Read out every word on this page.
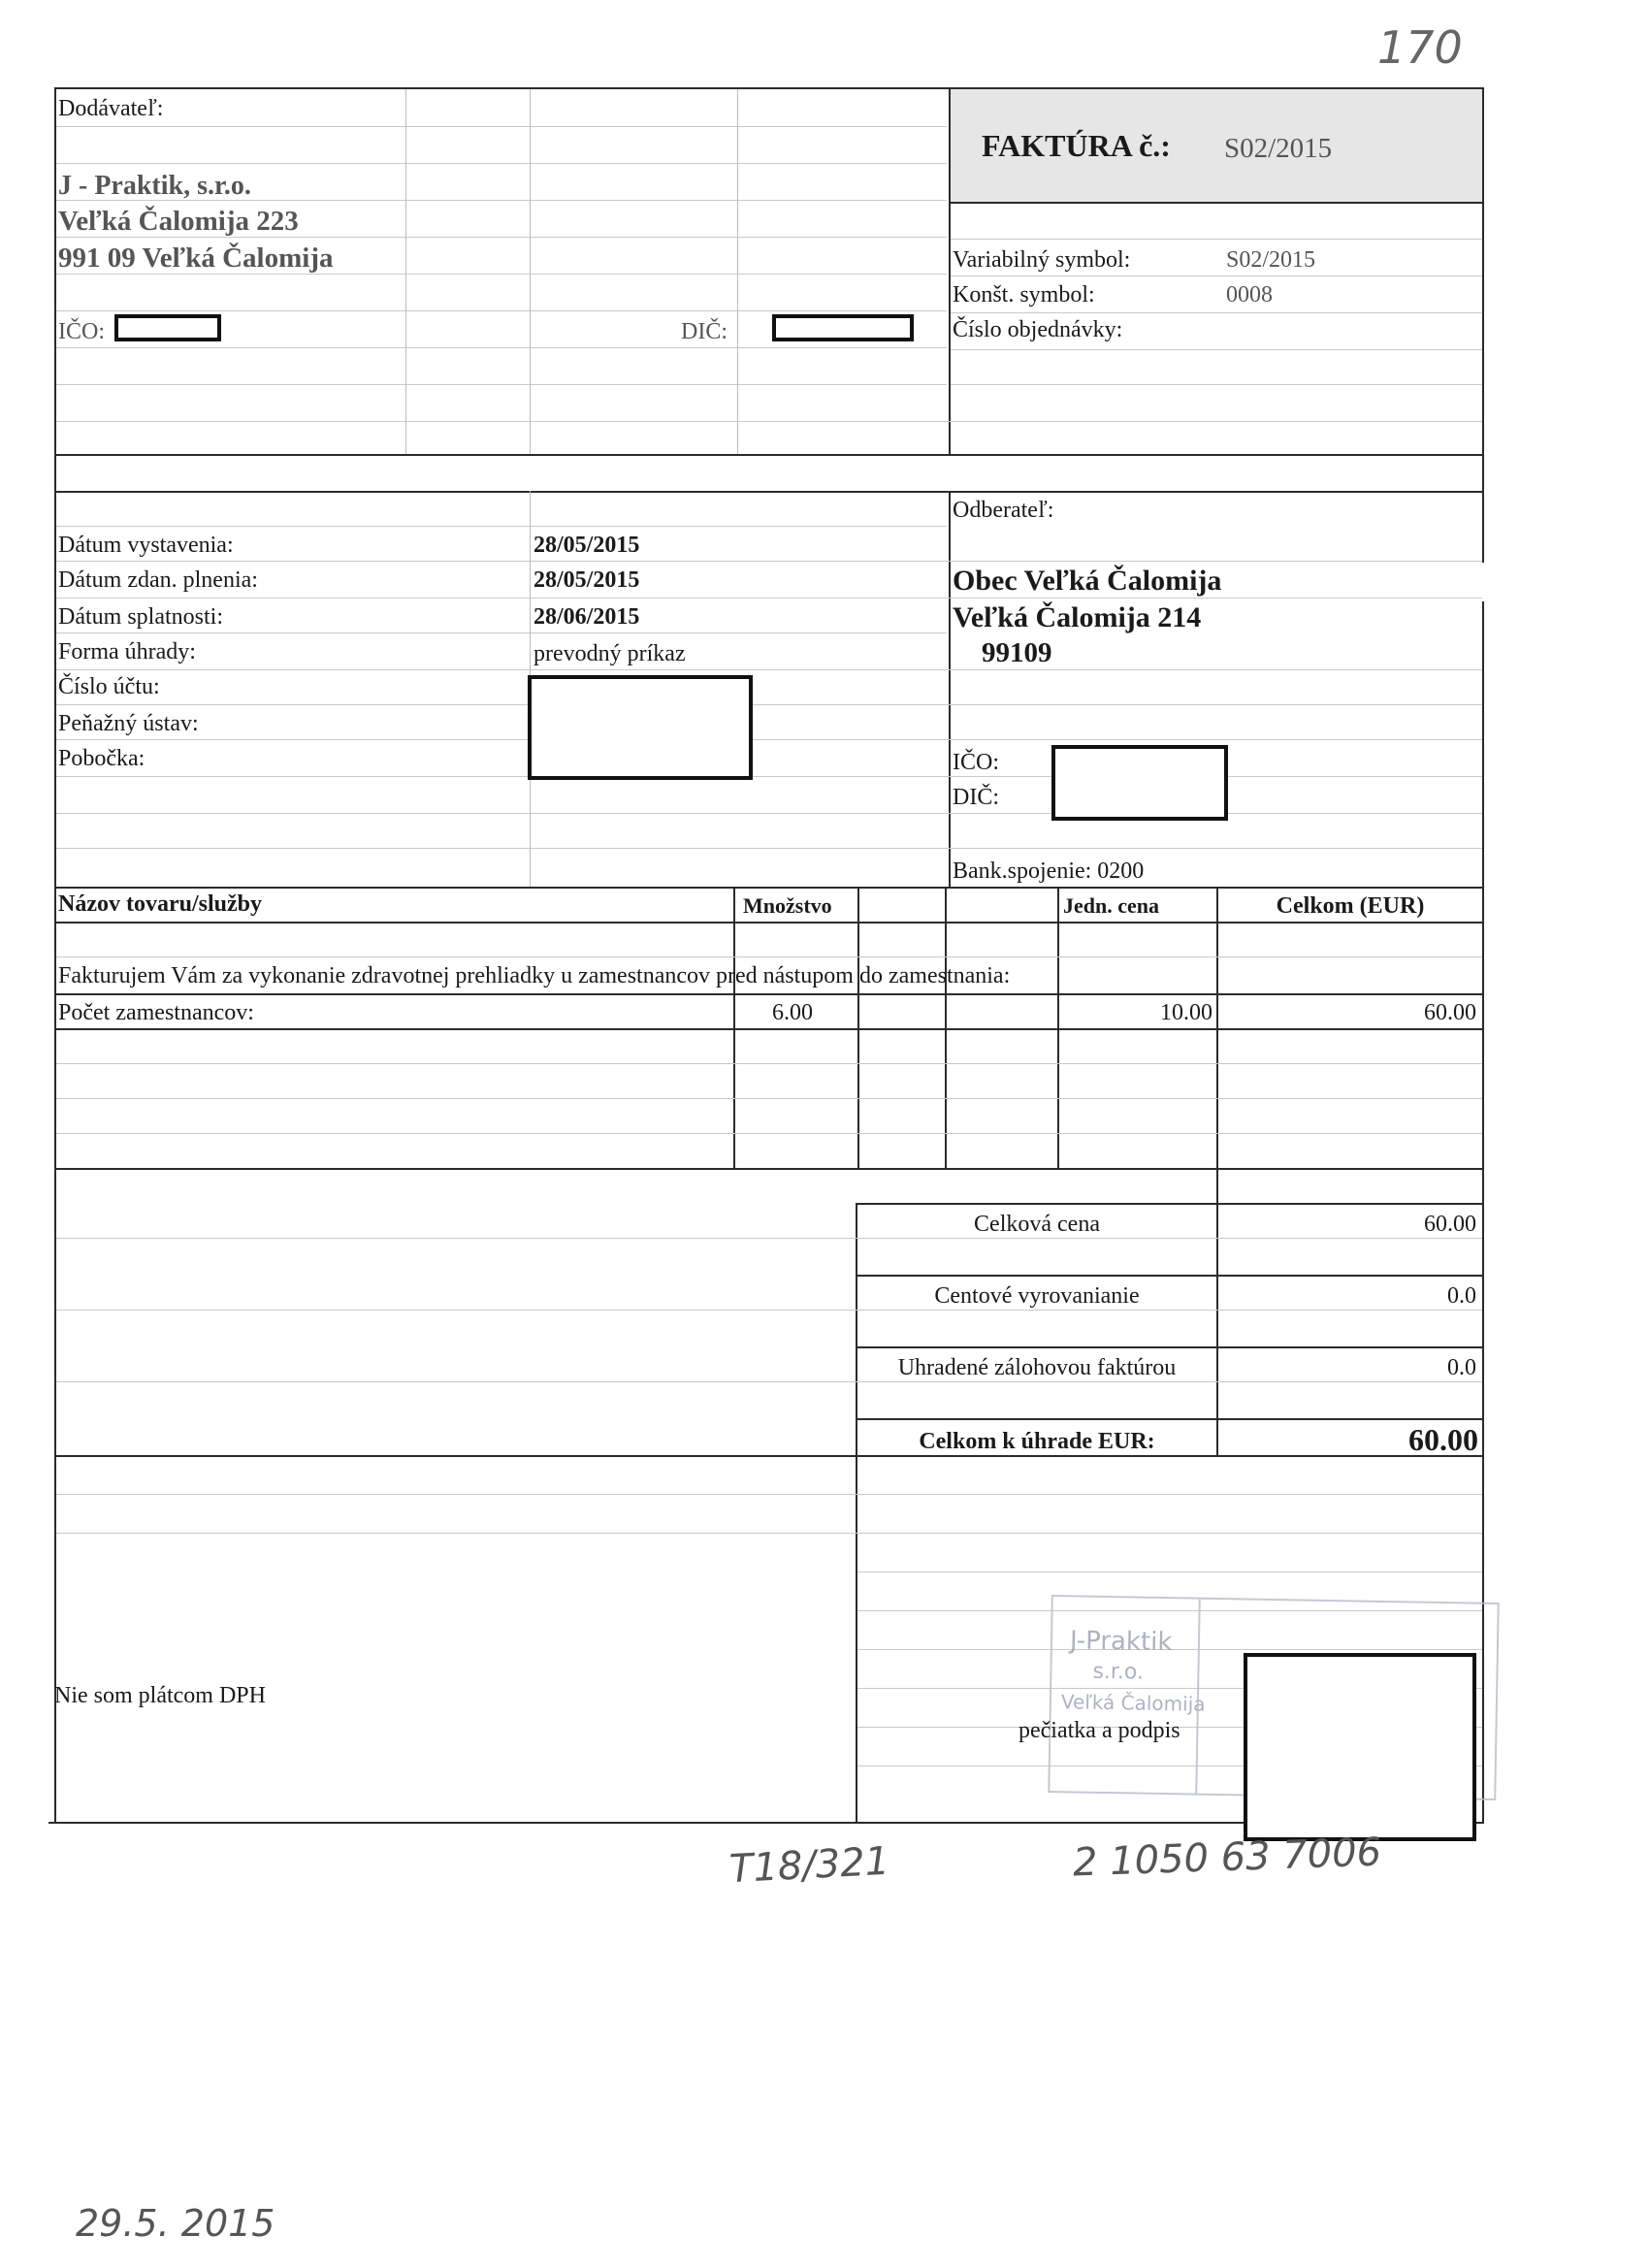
170
Dodávateľ:
J - Praktik, s.r.o.
Veľká Čalomija 223
991 09 Veľká Čalomija
IČO:	DIČ:
FAKTÚRA č.: S02/2015
Variabilný symbol:	S02/2015
Konšt. symbol:	0008
Číslo objednávky:
Dátum vystavenia:	28/05/2015
Dátum zdan. plnenia:	28/05/2015
Dátum splatnosti:	28/06/2015
Forma úhrady:	prevodný príkaz
Číslo účtu:
Peňažný ústav:
Pobočka:
Odberateľ:
Obec Veľká Čalomija
Veľká Čalomija 214
99109
IČO:
DIČ:
Bank.spojenie: 0200
Názov tovaru/služby	Množstvo	Jedn. cena	Celkom (EUR)
Fakturujem Vám za vykonanie zdravotnej prehliadky u zamestnancov pred nástupom do zamestnania:
Počet zamestnancov:	6.00	10.00	60.00
Celková cena	60.00
Centové vyrovanianie	0.0
Uhradené zálohovou faktúrou	0.0
Celkom k úhrade EUR:	60.00
Nie som plátcom DPH
J-Praktik
s.r.o.
Veľká Čalomija
pečiatka a podpis
T18/321	2 1050 63 7006
29.5. 2015
